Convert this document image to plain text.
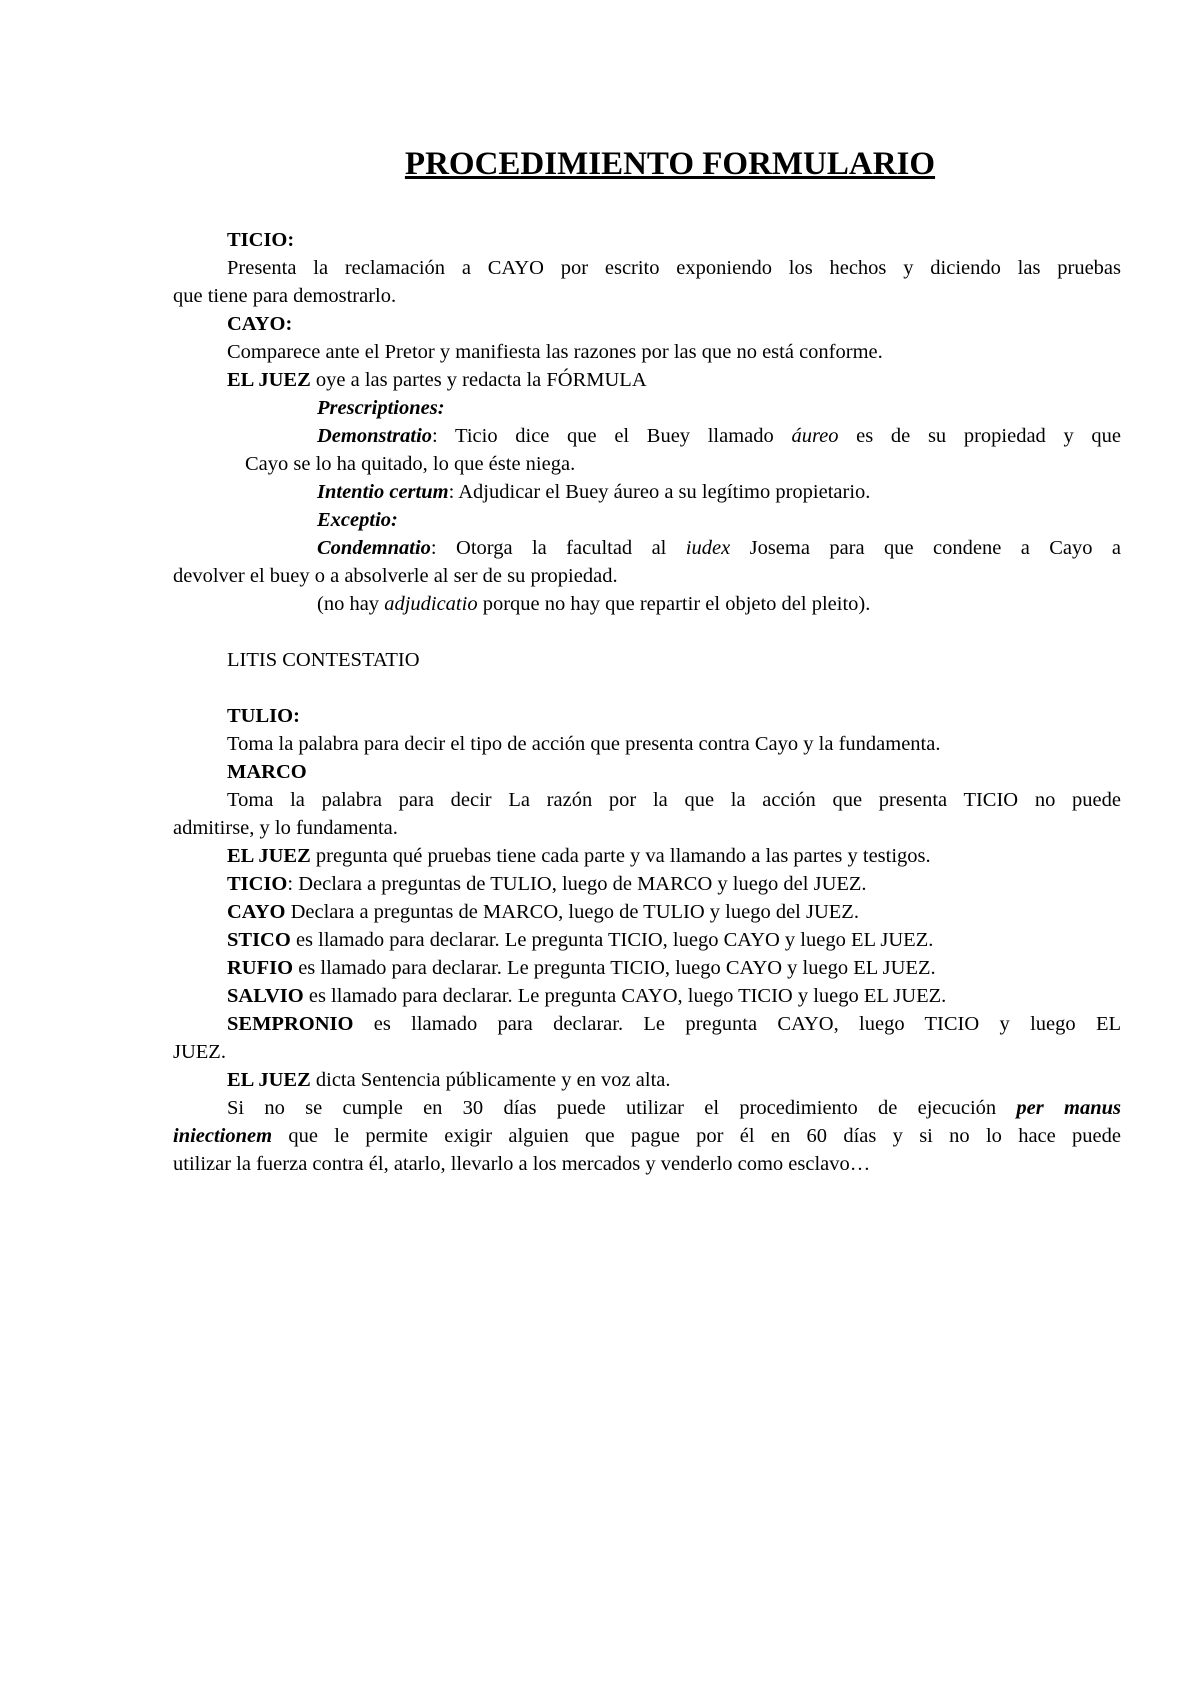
PROCEDIMIENTO FORMULARIO
TICIO:
Presenta la reclamación a CAYO por escrito exponiendo los hechos y diciendo las pruebas
que tiene para demostrarlo.
CAYO:
Comparece ante el Pretor y manifiesta las razones por las que no está conforme.
EL JUEZ oye a las partes y redacta la FÓRMULA
Prescriptiones:
Demonstratio: Ticio dice que el Buey llamado áureo es de su propiedad y que
Cayo se lo ha quitado, lo que éste niega.
Intentio certum: Adjudicar el Buey áureo a su legítimo propietario.
Exceptio:
Condemnatio: Otorga la facultad al iudex Josema para que condene a Cayo a
devolver el buey o a absolverle al ser de su propiedad.
(no hay adjudicatio porque no hay que repartir el objeto del pleito).
LITIS CONTESTATIO
TULIO:
Toma la palabra para decir el tipo de acción que presenta contra Cayo y la fundamenta.
MARCO
Toma la palabra para decir La razón por la que la acción que presenta TICIO no puede
admitirse, y lo fundamenta.
EL JUEZ pregunta qué pruebas tiene cada parte y va llamando a las partes y testigos.
TICIO: Declara a preguntas de TULIO, luego de MARCO y luego del JUEZ.
CAYO Declara a preguntas de MARCO, luego de TULIO y luego del JUEZ.
STICO es llamado para declarar. Le pregunta TICIO, luego CAYO y luego EL JUEZ.
RUFIO es llamado para declarar. Le pregunta TICIO, luego CAYO y luego EL JUEZ.
SALVIO es llamado para declarar. Le pregunta CAYO, luego TICIO y luego EL JUEZ.
SEMPRONIO es llamado para declarar. Le pregunta CAYO, luego TICIO y luego EL
JUEZ.
EL JUEZ dicta Sentencia públicamente y en voz alta.
Si no se cumple en 30 días puede utilizar el procedimiento de ejecución per manus
iniectionem que le permite exigir alguien que pague por él en 60 días y si no lo hace puede
utilizar la fuerza contra él, atarlo, llevarlo a los mercados y venderlo como esclavo…
